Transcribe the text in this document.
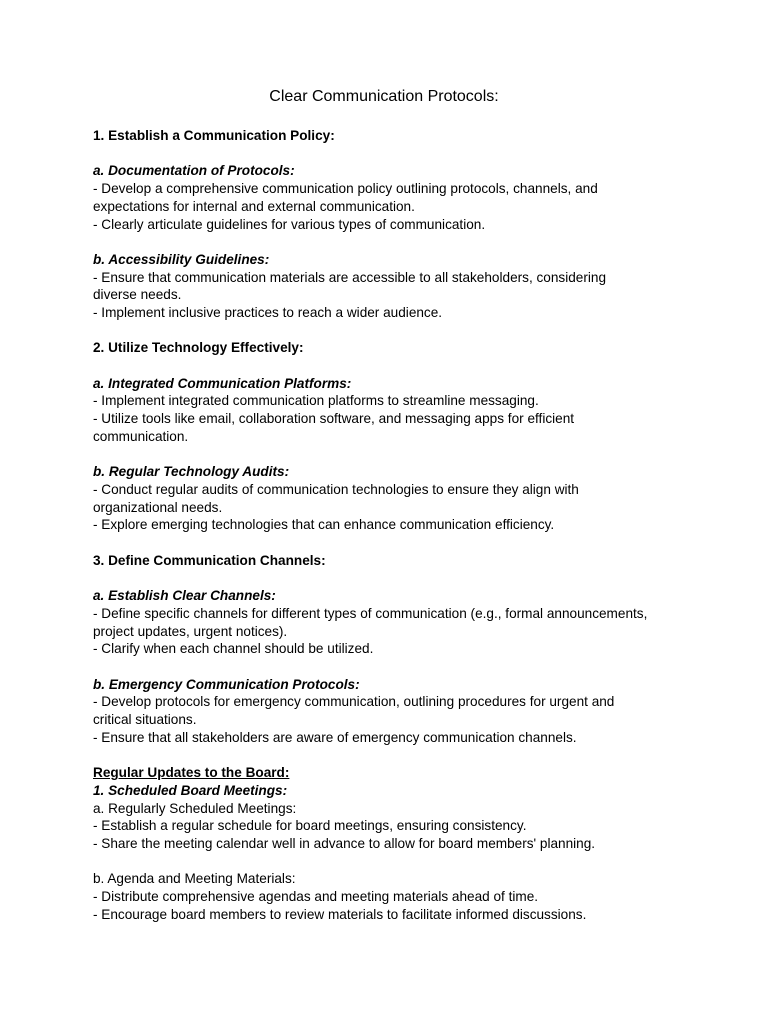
Clear Communication Protocols:
1. Establish a Communication Policy:
a. Documentation of Protocols:
- Develop a comprehensive communication policy outlining protocols, channels, and
expectations for internal and external communication.
- Clearly articulate guidelines for various types of communication.
b. Accessibility Guidelines:
- Ensure that communication materials are accessible to all stakeholders, considering
diverse needs.
- Implement inclusive practices to reach a wider audience.
2. Utilize Technology Effectively:
a. Integrated Communication Platforms:
- Implement integrated communication platforms to streamline messaging.
- Utilize tools like email, collaboration software, and messaging apps for efficient
communication.
b. Regular Technology Audits:
- Conduct regular audits of communication technologies to ensure they align with
organizational needs.
- Explore emerging technologies that can enhance communication efficiency.
3. Define Communication Channels:
a. Establish Clear Channels:
- Define specific channels for different types of communication (e.g., formal announcements,
project updates, urgent notices).
- Clarify when each channel should be utilized.
b. Emergency Communication Protocols:
- Develop protocols for emergency communication, outlining procedures for urgent and
critical situations.
- Ensure that all stakeholders are aware of emergency communication channels.
Regular Updates to the Board:
1. Scheduled Board Meetings:
a. Regularly Scheduled Meetings:
- Establish a regular schedule for board meetings, ensuring consistency.
- Share the meeting calendar well in advance to allow for board members' planning.
b. Agenda and Meeting Materials:
- Distribute comprehensive agendas and meeting materials ahead of time.
- Encourage board members to review materials to facilitate informed discussions.
